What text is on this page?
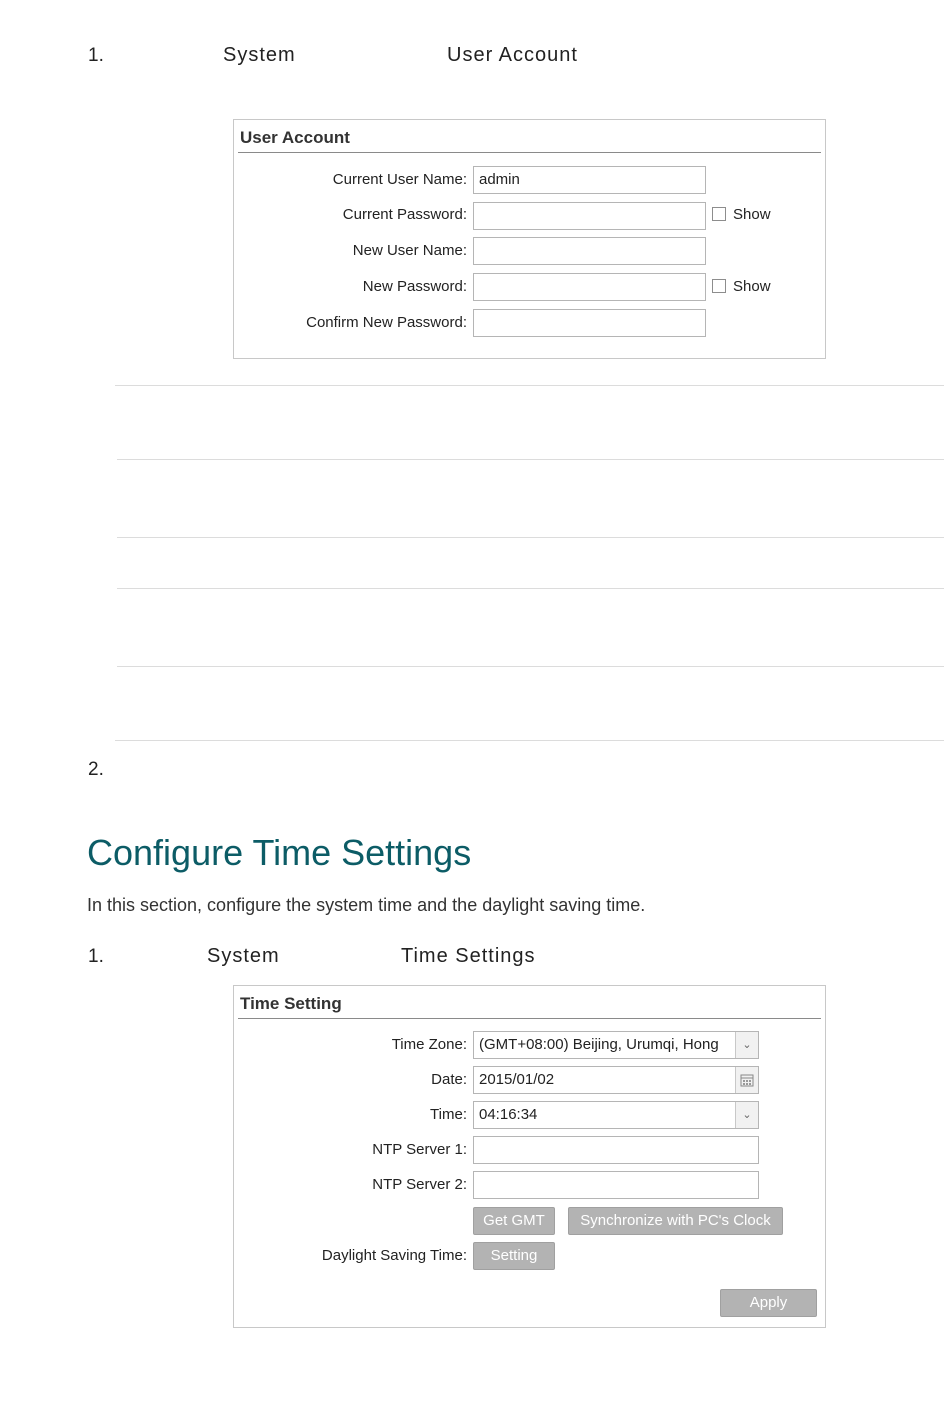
1.	System	User Account
User Account
Current User Name: admin
Current Password:	Show
New User Name:
New Password:	Show
Confirm New Password:
2.
Configure Time Settings
In this section, configure the system time and the daylight saving time.
1.	System	Time Settings
Time Setting
Time Zone: (GMT+08:00) Beijing, Urumqi, Hong	⌄
Date: 2015/01/02
Time: 04:16:34	⌄
NTP Server 1:
NTP Server 2:
Get GMT	Synchronize with PC's Clock
Daylight Saving Time:	Setting
Apply
